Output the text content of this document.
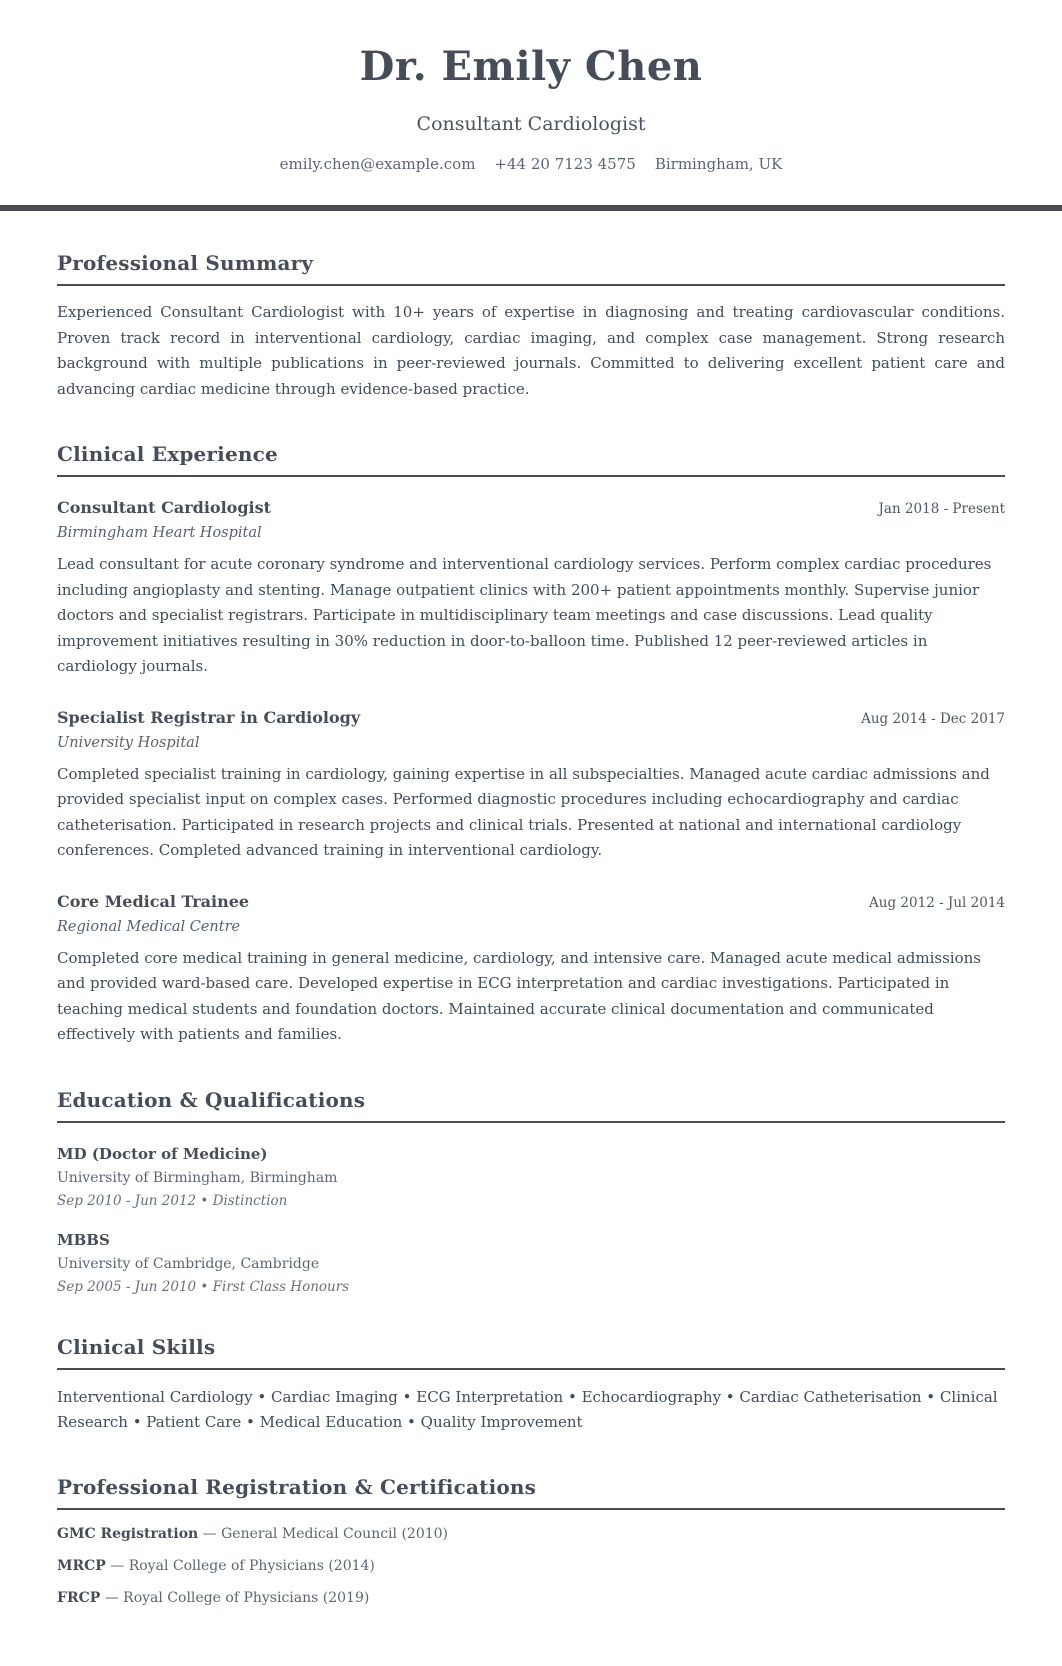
Dr. Emily Chen
Consultant Cardiologist
emily.chen@example.com +44 20 7123 4575 Birmingham, UK
Professional Summary

Experienced Consultant Cardiologist with 10+ years of expertise in diagnosing and treating cardiovascular conditions. Proven track record in interventional cardiology, cardiac imaging, and complex case management. Strong research background with multiple publications in peer-reviewed journals. Committed to delivering excellent patient care and advancing cardiac medicine through evidence-based practice.

Clinical Experience
Consultant Cardiologist	Jan 2018 - Present
Birmingham Heart Hospital
Lead consultant for acute coronary syndrome and interventional cardiology services. Perform complex cardiac procedures including angioplasty and stenting. Manage outpatient clinics with 200+ patient appointments monthly. Supervise junior doctors and specialist registrars. Participate in multidisciplinary team meetings and case discussions. Lead quality improvement initiatives resulting in 30% reduction in door-to-balloon time. Published 12 peer-reviewed articles in cardiology journals.
Specialist Registrar in Cardiology	Aug 2014 - Dec 2017
University Hospital
Completed specialist training in cardiology, gaining expertise in all subspecialties. Managed acute cardiac admissions and provided specialist input on complex cases. Performed diagnostic procedures including echocardiography and cardiac catheterisation. Participated in research projects and clinical trials. Presented at national and international cardiology conferences. Completed advanced training in interventional cardiology.
Core Medical Trainee	Aug 2012 - Jul 2014
Regional Medical Centre
Completed core medical training in general medicine, cardiology, and intensive care. Managed acute medical admissions and provided ward-based care. Developed expertise in ECG interpretation and cardiac investigations. Participated in teaching medical students and foundation doctors. Maintained accurate clinical documentation and communicated effectively with patients and families.
Education & Qualifications
MD (Doctor of Medicine)
University of Birmingham, Birmingham
Sep 2010 - Jun 2012 • Distinction
MBBS
University of Cambridge, Cambridge
Sep 2005 - Jun 2010 • First Class Honours
Clinical Skills

Interventional Cardiology • Cardiac Imaging • ECG Interpretation • Echocardiography • Cardiac Catheterisation • Clinical Research • Patient Care • Medical Education • Quality Improvement

Professional Registration & Certifications
GMC Registration — General Medical Council (2010)
MRCP — Royal College of Physicians (2014)
FRCP — Royal College of Physicians (2019)
